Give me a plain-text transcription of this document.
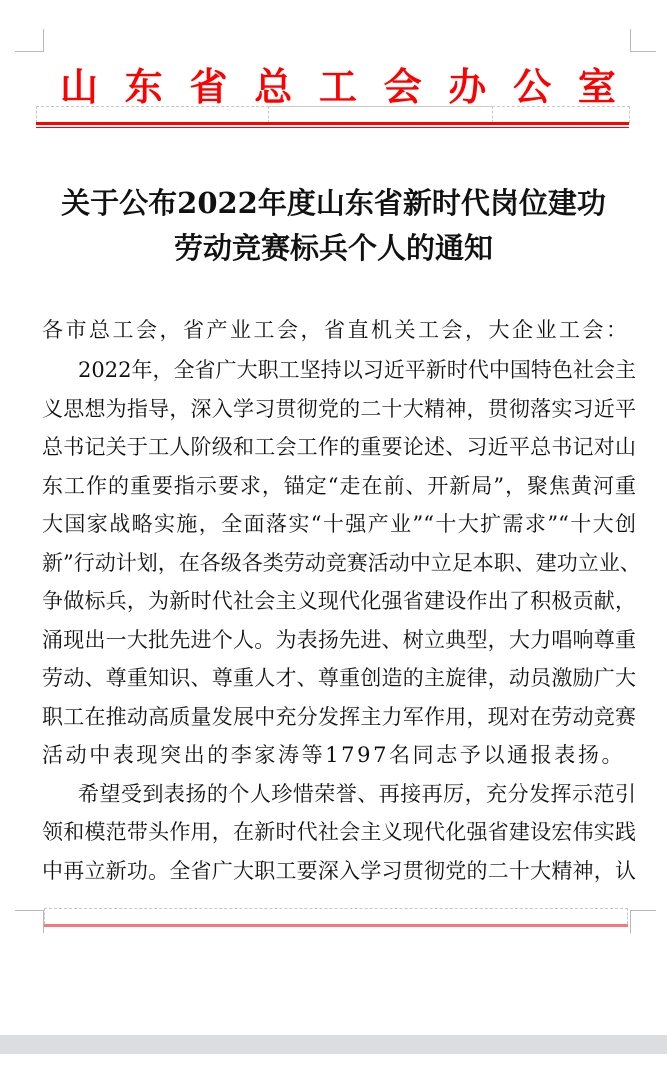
山 东 省 总 工 会 办 公 室
关于公布2022年度山东省新时代岗位建功
劳动竞赛标兵个人的通知
各市总工会，省产业工会，省直机关工会，大企业工会：
2022年，全省广大职工坚持以习近平新时代中国特色社会主
义思想为指导，深入学习贯彻党的二十大精神，贯彻落实习近平
总书记关于工人阶级和工会工作的重要论述、习近平总书记对山
东工作的重要指示要求，锚定“走在前、开新局”，聚焦黄河重
大国家战略实施，全面落实“十强产业”“十大扩需求”“十大创
新”行动计划，在各级各类劳动竞赛活动中立足本职、建功立业、
争做标兵，为新时代社会主义现代化强省建设作出了积极贡献，
涌现出一大批先进个人。为表扬先进、树立典型，大力唱响尊重
劳动、尊重知识、尊重人才、尊重创造的主旋律，动员激励广大
职工在推动高质量发展中充分发挥主力军作用，现对在劳动竞赛
活动中表现突出的李家涛等1797名同志予以通报表扬。
希望受到表扬的个人珍惜荣誉、再接再厉，充分发挥示范引
领和模范带头作用，在新时代社会主义现代化强省建设宏伟实践
中再立新功。全省广大职工要深入学习贯彻党的二十大精神，认
